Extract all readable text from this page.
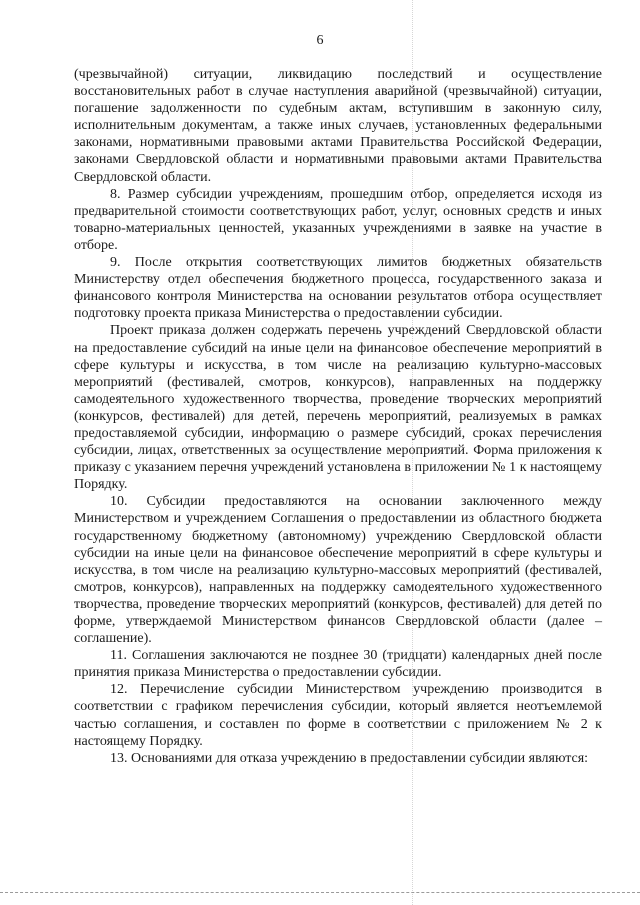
6

(чрезвычайной) ситуации, ликвидацию последствий и осуществление восстановительных работ в случае наступления аварийной (чрезвычайной) ситуации, погашение задолженности по судебным актам, вступившим в законную силу, исполнительным документам, а также иных случаев, установленных федеральными законами, нормативными правовыми актами Правительства Российской Федерации, законами Свердловской области и нормативными правовыми актами Правительства Свердловской области.

8. Размер субсидии учреждениям, прошедшим отбор, определяется исходя из предварительной стоимости соответствующих работ, услуг, основных средств и иных товарно-материальных ценностей, указанных учреждениями в заявке на участие в отборе.

9. После открытия соответствующих лимитов бюджетных обязательств Министерству отдел обеспечения бюджетного процесса, государственного заказа и финансового контроля Министерства на основании результатов отбора осуществляет подготовку проекта приказа Министерства о предоставлении субсидии.

Проект приказа должен содержать перечень учреждений Свердловской области на предоставление субсидий на иные цели на финансовое обеспечение мероприятий в сфере культуры и искусства, в том числе на реализацию культурно-массовых мероприятий (фестивалей, смотров, конкурсов), направленных на поддержку самодеятельного художественного творчества, проведение творческих мероприятий (конкурсов, фестивалей) для детей, перечень мероприятий, реализуемых в рамках предоставляемой субсидии, информацию о размере субсидий, сроках перечисления субсидии, лицах, ответственных за осуществление мероприятий. Форма приложения к приказу с указанием перечня учреждений установлена в приложении № 1 к настоящему Порядку.

10. Субсидии предоставляются на основании заключенного между Министерством и учреждением Соглашения о предоставлении из областного бюджета государственному бюджетному (автономному) учреждению Свердловской области субсидии на иные цели на финансовое обеспечение мероприятий в сфере культуры и искусства, в том числе на реализацию культурно-массовых мероприятий (фестивалей, смотров, конкурсов), направленных на поддержку самодеятельного художественного творчества, проведение творческих мероприятий (конкурсов, фестивалей) для детей по форме, утверждаемой Министерством финансов Свердловской области (далее – соглашение).

11. Соглашения заключаются не позднее 30 (тридцати) календарных дней после принятия приказа Министерства о предоставлении субсидии.

12. Перечисление субсидии Министерством учреждению производится в соответствии с графиком перечисления субсидии, который является неотъемлемой частью соглашения, и составлен по форме в соответствии с приложением № 2 к настоящему Порядку.

13. Основаниями для отказа учреждению в предоставлении субсидии являются:
